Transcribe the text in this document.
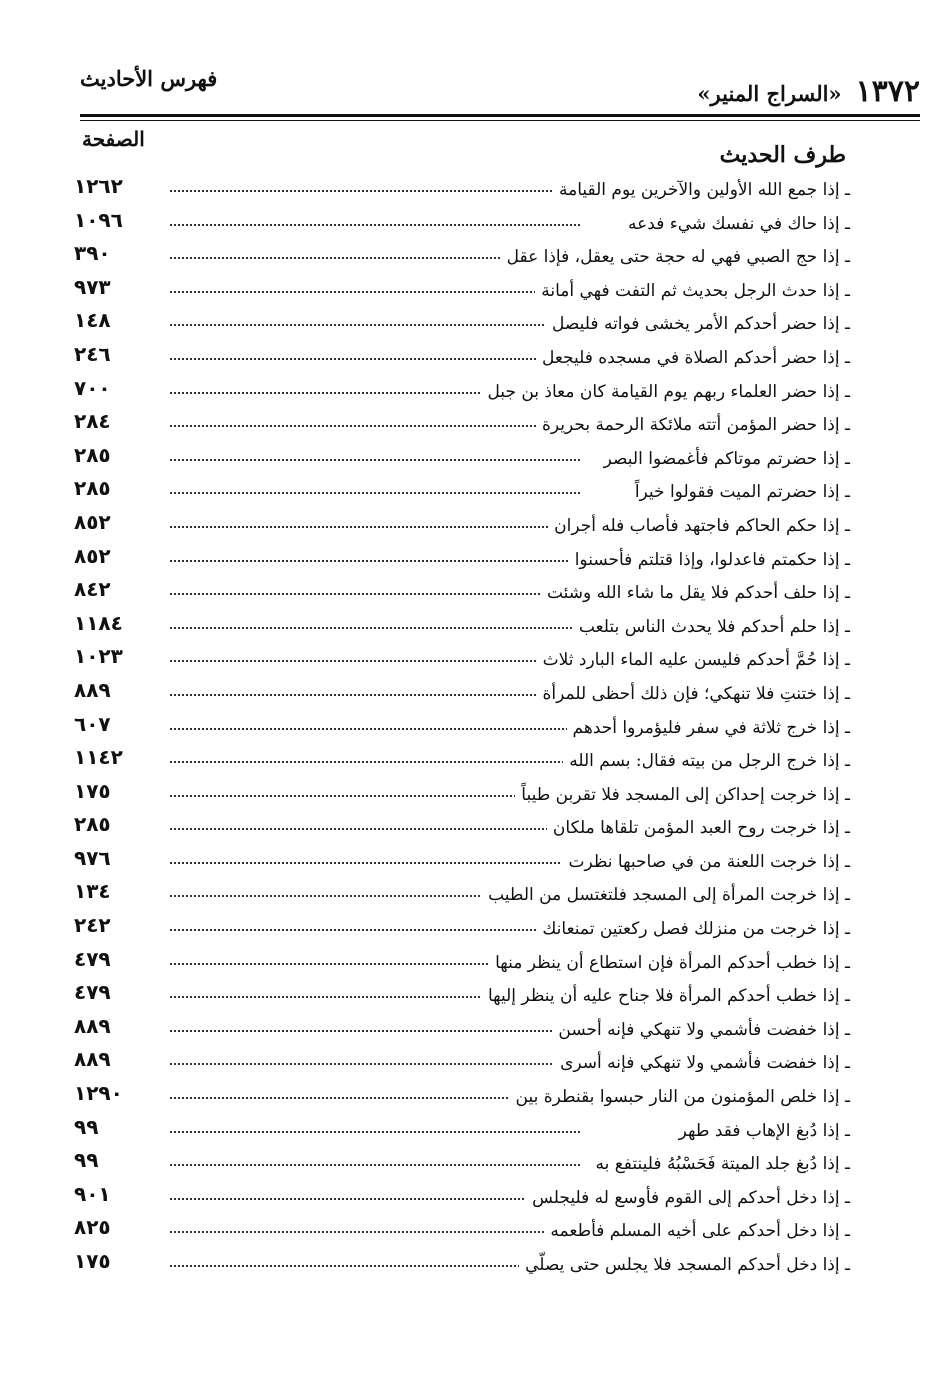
فهرس الأحاديث	١٣٧٢
«السراج المنير»
الصفحة
طرف الحديث
١٢٦٢	ـ إذا جمع الله الأولين والآخرين يوم القيامة
١٠٩٦	ـ إذا حاك في نفسك شيء فدعه
٣٩٠	ـ إذا حج الصبي فهي له حجة حتى يعقل، فإذا عقل
٩٧٣	ـ إذا حدث الرجل بحديث ثم التفت فهي أمانة
١٤٨	ـ إذا حضر أحدكم الأمر يخشى فواته فليصل
٢٤٦	ـ إذا حضر أحدكم الصلاة في مسجده فليجعل
٧٠٠	ـ إذا حضر العلماء ربهم يوم القيامة كان معاذ بن جبل
٢٨٤	ـ إذا حضر المؤمن أتته ملائكة الرحمة بحريرة
٢٨٥	ـ إذا حضرتم موتاكم فأغمضوا البصر
٢٨٥	ـ إذا حضرتم الميت فقولوا خيراً
٨٥٢	ـ إذا حكم الحاكم فاجتهد فأصاب فله أجران
٨٥٢	ـ إذا حكمتم فاعدلوا، وإذا قتلتم فأحسنوا
٨٤٢	ـ إذا حلف أحدكم فلا يقل ما شاء الله وشئت
١١٨٤	ـ إذا حلم أحدكم فلا يحدث الناس بتلعب
١٠٢٣	ـ إذا حُمَّ أحدكم فليسن عليه الماء البارد ثلاث
٨٨٩	ـ إذا ختنتِ فلا تنهكي؛ فإن ذلك أحظى للمرأة
٦٠٧	ـ إذا خرج ثلاثة في سفر فليؤمروا أحدهم
١١٤٢	ـ إذا خرج الرجل من بيته فقال: بسم الله
١٧٥	ـ إذا خرجت إحداكن إلى المسجد فلا تقربن طيباً
٢٨٥	ـ إذا خرجت روح العبد المؤمن تلقاها ملكان
٩٧٦	ـ إذا خرجت اللعنة من في صاحبها نظرت
١٣٤	ـ إذا خرجت المرأة إلى المسجد فلتغتسل من الطيب
٢٤٢	ـ إذا خرجت من منزلك فصل ركعتين تمنعانك
٤٧٩	ـ إذا خطب أحدكم المرأة فإن استطاع أن ينظر منها
٤٧٩	ـ إذا خطب أحدكم المرأة فلا جناح عليه أن ينظر إليها
٨٨٩	ـ إذا خفضت فأشمي ولا تنهكي فإنه أحسن
٨٨٩	ـ إذا خفضت فأشمي ولا تنهكي فإنه أسرى
١٢٩٠	ـ إذا خلص المؤمنون من النار حبسوا بقنطرة بين
٩٩	ـ إذا دُبغ الإهاب فقد طهر
٩٩	ـ إذا دُبغ جلد الميتة فَحَسْبُهُ فلينتفع به
٩٠١	ـ إذا دخل أحدكم إلى القوم فأوسع له فليجلس
٨٢٥	ـ إذا دخل أحدكم على أخيه المسلم فأطعمه
١٧٥	ـ إذا دخل أحدكم المسجد فلا يجلس حتى يصلّي
